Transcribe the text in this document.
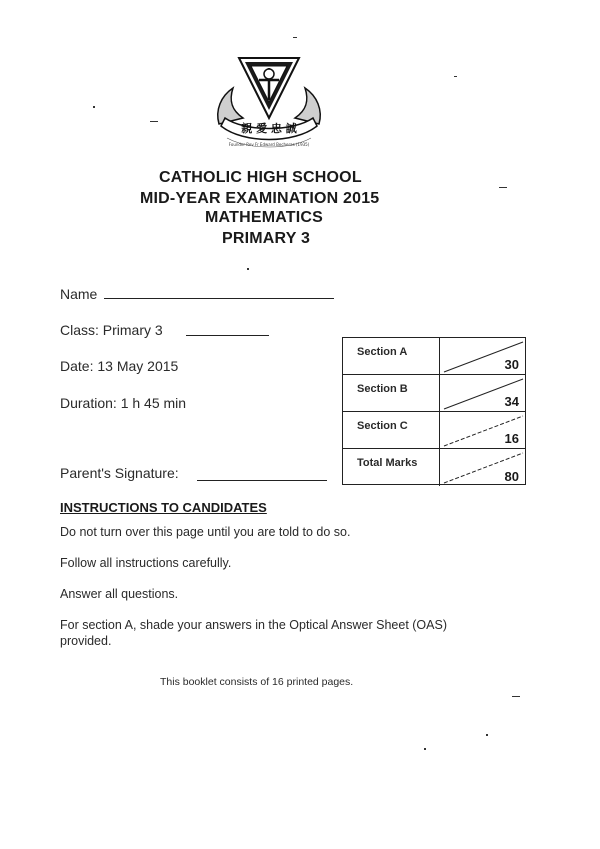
親 愛 忠 誠
Founder Rev Fr Edward Becheras (1935)
CATHOLIC HIGH SCHOOL
MID-YEAR EXAMINATION 2015
MATHEMATICS
PRIMARY 3
Name
Class: Primary 3
Date: 13 May 2015
Duration: 1 h 45 min
Parent's Signature:
Section A
30
Section B
34
Section C
16
Total Marks
80
INSTRUCTIONS TO CANDIDATES
Do not turn over this page until you are told to do so.
Follow all instructions carefully.
Answer all questions.
For section A, shade your answers in the Optical Answer Sheet (OAS) provided.
This booklet consists of 16 printed pages.
